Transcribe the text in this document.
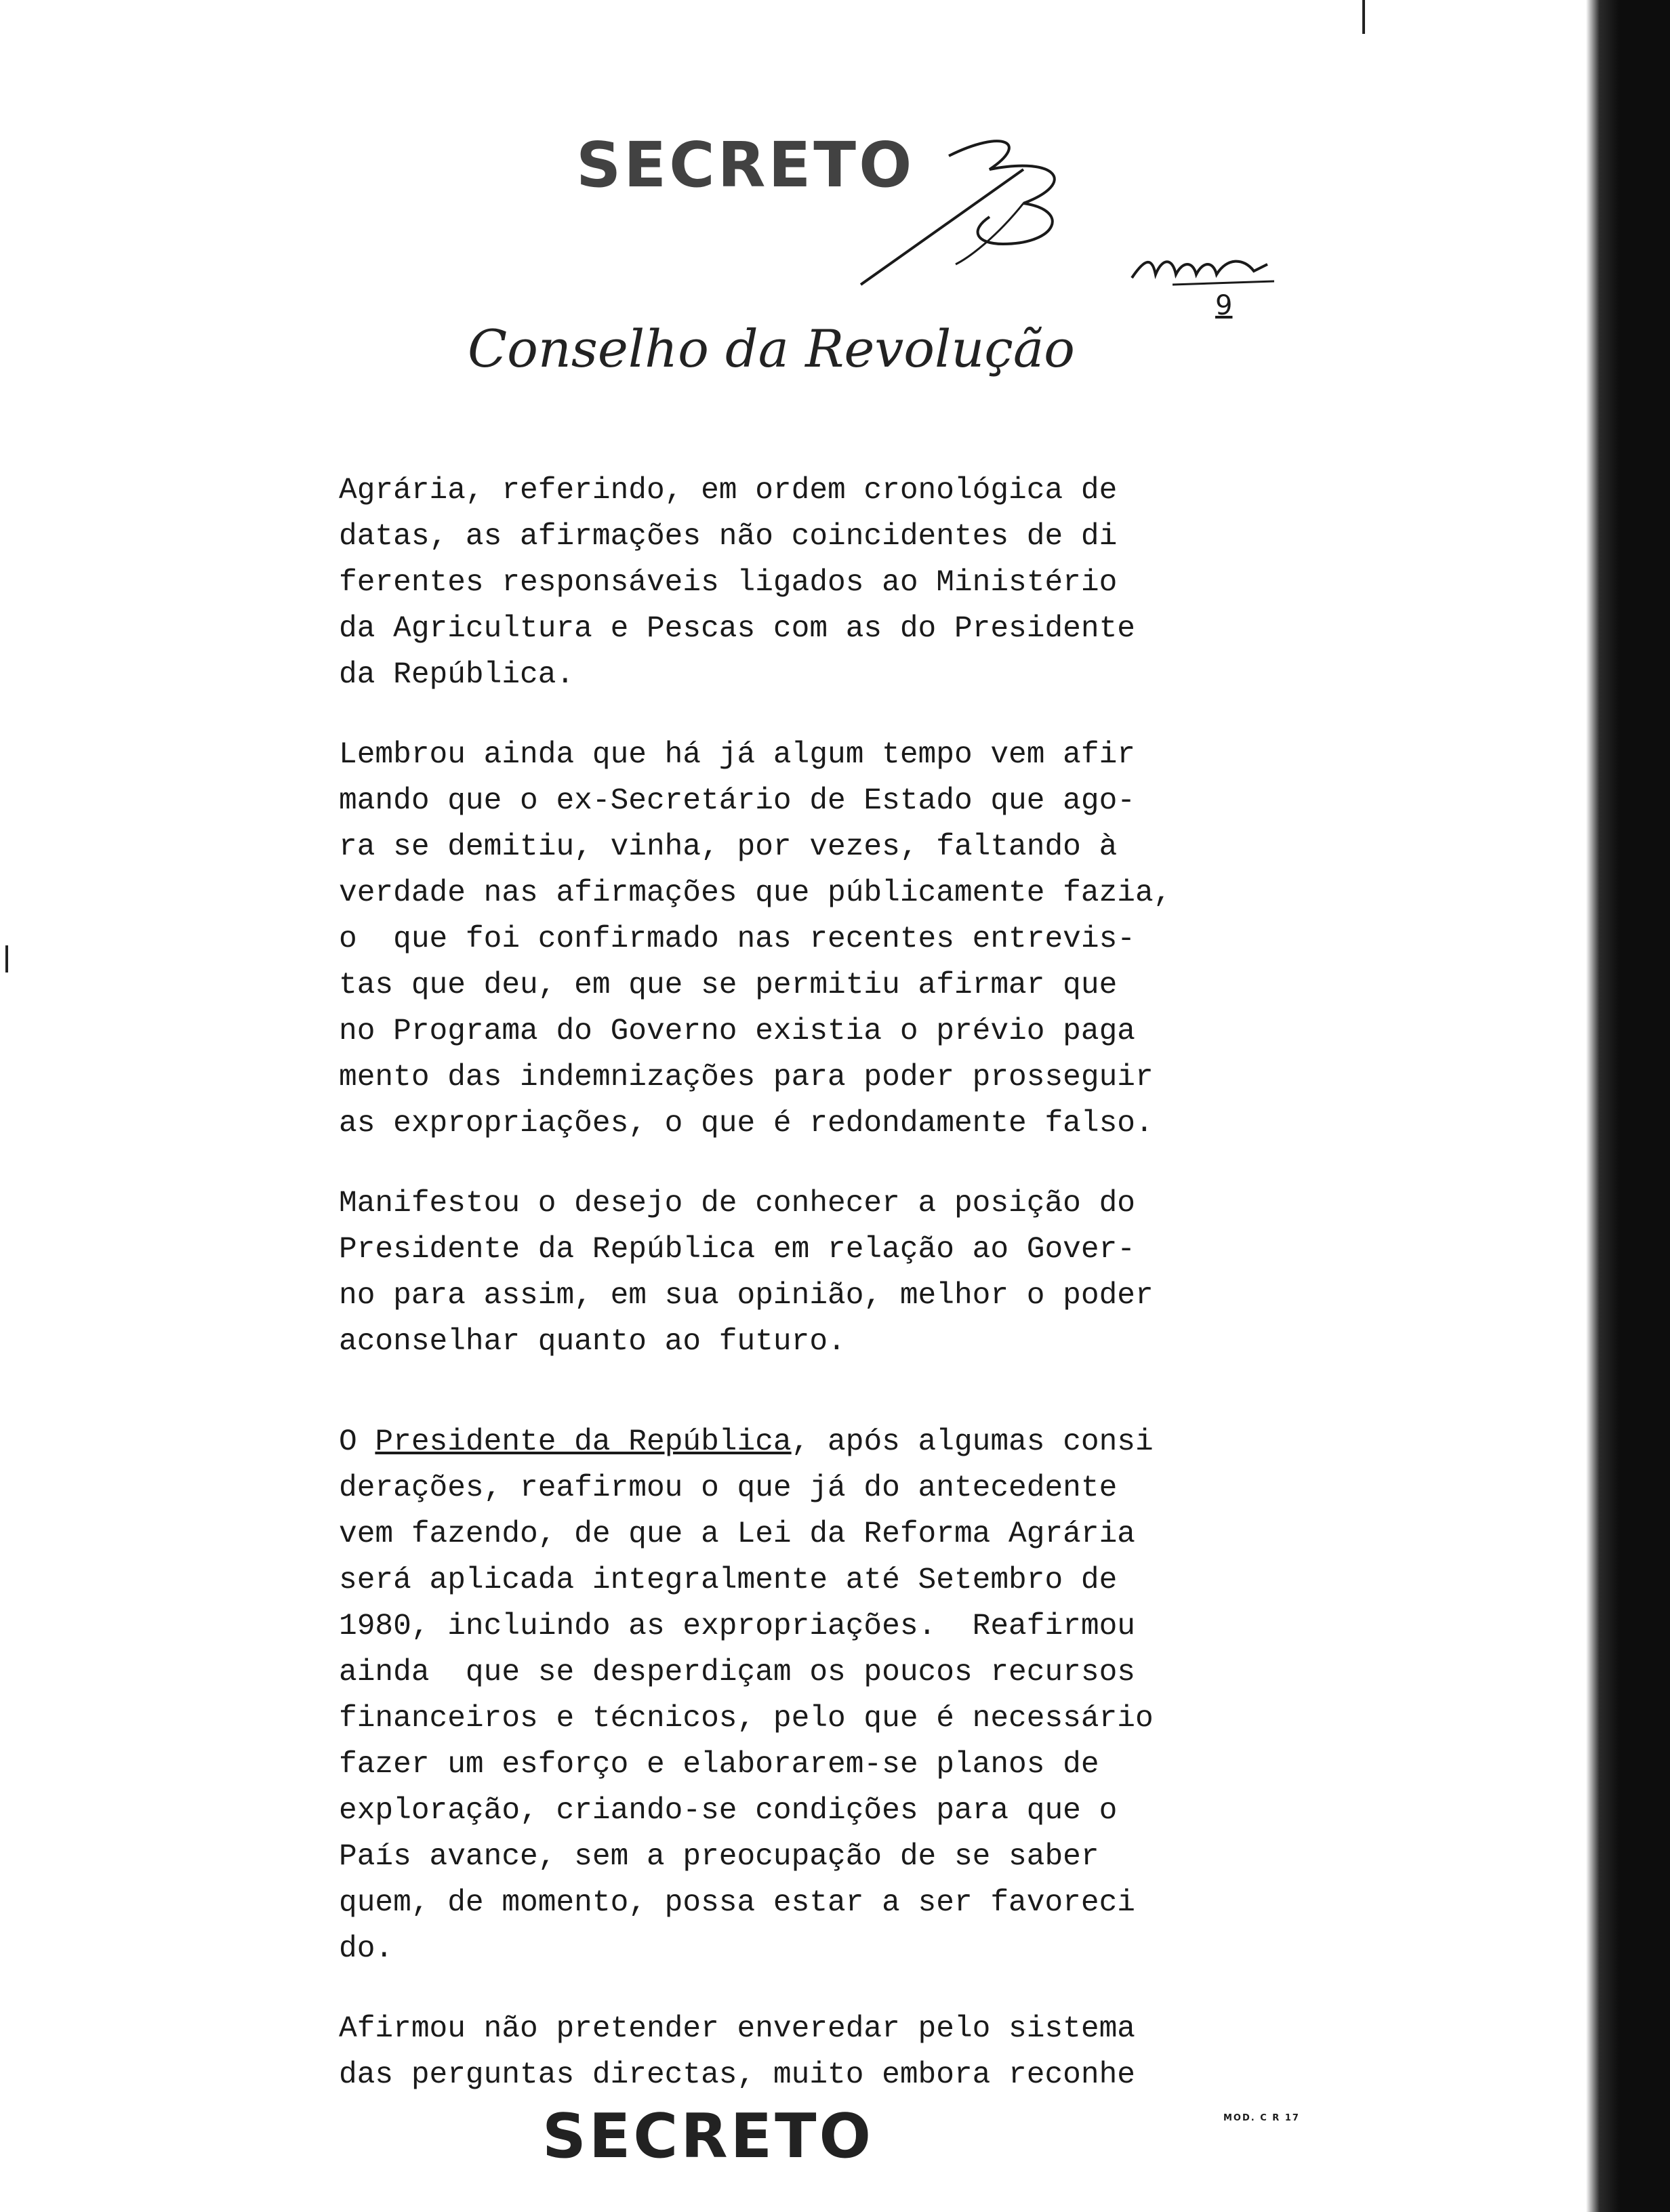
SECRETO
9
Conselho da Revolução

Agrária, referindo, em ordem cronológica de
datas, as afirmações não coincidentes de di
ferentes responsáveis ligados ao Ministério
da Agricultura e Pescas com as do Presidente
da República.

Lembrou ainda que há já algum tempo vem afir
mando que o ex-Secretário de Estado que ago-
ra se demitiu, vinha, por vezes, faltando à
verdade nas afirmações que públicamente fazia,
o  que foi confirmado nas recentes entrevis-
tas que deu, em que se permitiu afirmar que
no Programa do Governo existia o prévio paga
mento das indemnizações para poder prosseguir
as expropriações, o que é redondamente falso.

Manifestou o desejo de conhecer a posição do
Presidente da República em relação ao Gover-
no para assim, em sua opinião, melhor o poder
aconselhar quanto ao futuro.

O Presidente da República, após algumas consi
derações, reafirmou o que já do antecedente
vem fazendo, de que a Lei da Reforma Agrária
será aplicada integralmente até Setembro de
1980, incluindo as expropriações.  Reafirmou
ainda  que se desperdiçam os poucos recursos
financeiros e técnicos, pelo que é necessário
fazer um esforço e elaborarem-se planos de
exploração, criando-se condições para que o
País avance, sem a preocupação de se saber
quem, de momento, possa estar a ser favoreci
do.

Afirmou não pretender enveredar pelo sistema
das perguntas directas, muito embora reconhe

SECRETO	MOD. C R 17
